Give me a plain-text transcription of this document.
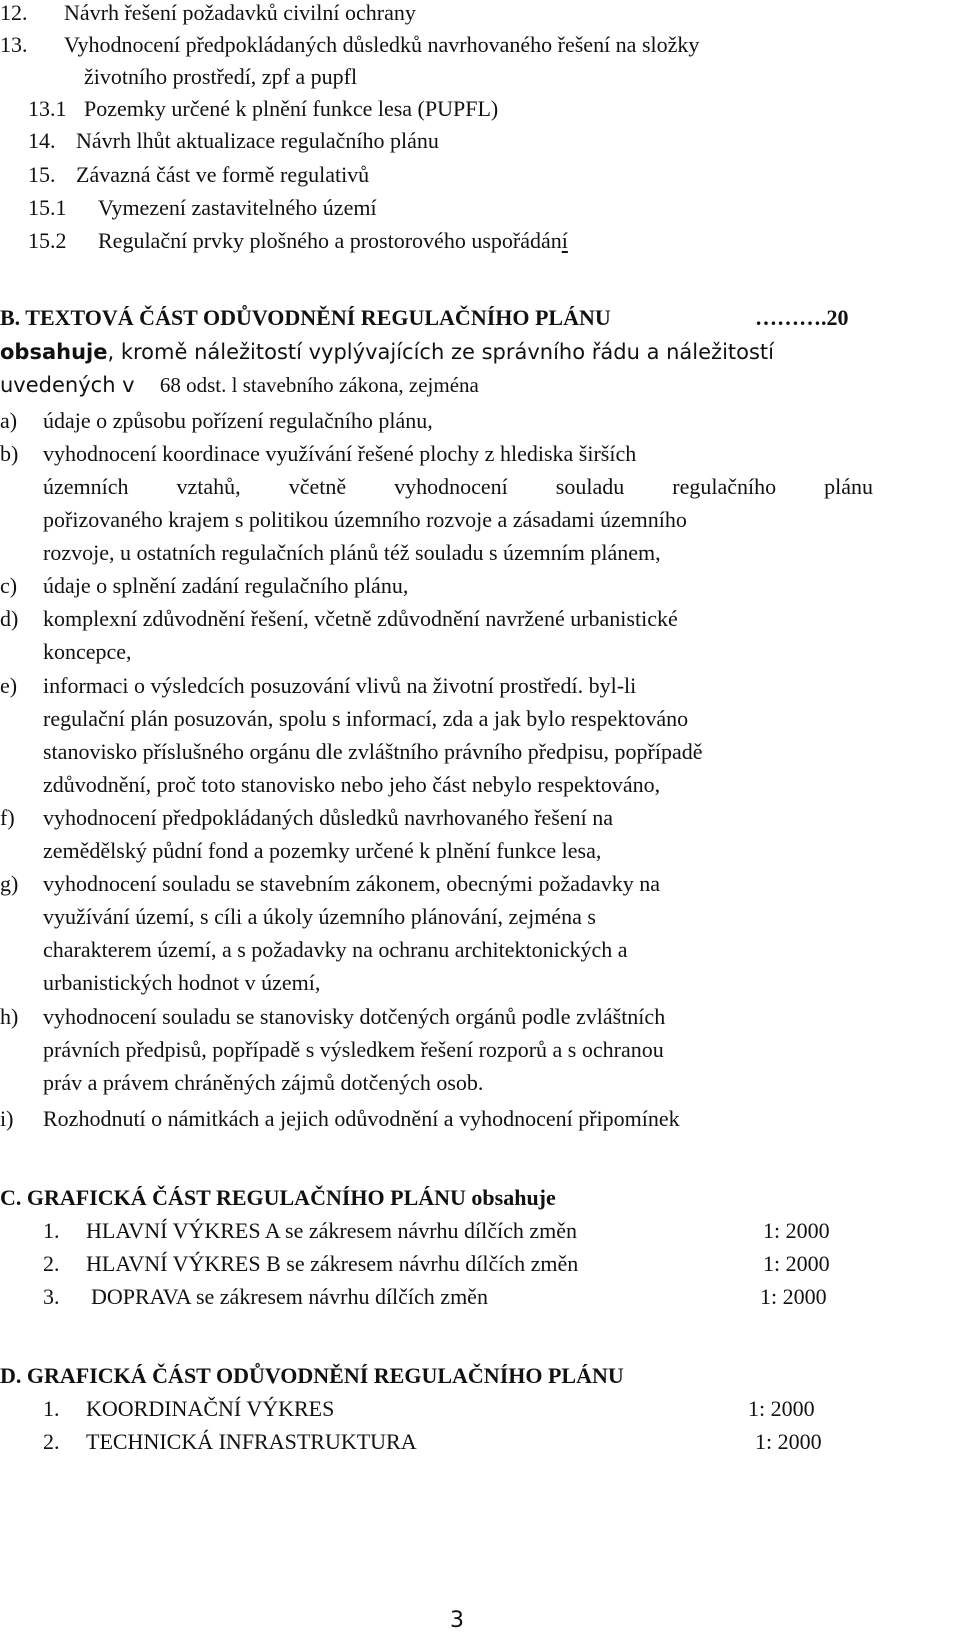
12. Návrh řešení požadavků civilní ochrany
13. Vyhodnocení předpokládaných důsledků navrhovaného řešení na složky
životního prostředí, zpf a pupfl
13.1 Pozemky určené k plnění funkce lesa (PUPFL)
14. Návrh lhůt aktualizace regulačního plánu
15. Závazná část ve formě regulativů
15.1 Vymezení zastavitelného území
15.2 Regulační prvky plošného a prostorového uspořádání
B. TEXTOVÁ ČÁST ODŮVODNĚNÍ REGULAČNÍHO PLÁNU	……….20
obsahuje, kromě náležitostí vyplývajících ze správního řádu a náležitostí
uvedených v 68 odst. l stavebního zákona, zejména
a) údaje o způsobu pořízení regulačního plánu,
b) vyhodnocení koordinace využívání řešené plochy z hlediska širších
územních vztahů, včetně vyhodnocení souladu regulačního plánu
pořizovaného krajem s politikou územního rozvoje a zásadami územního
rozvoje, u ostatních regulačních plánů též souladu s územním plánem,
c) údaje o splnění zadání regulačního plánu,
d) komplexní zdůvodnění řešení, včetně zdůvodnění navržené urbanistické
koncepce,
e) informaci o výsledcích posuzování vlivů na životní prostředí. byl-li
regulační plán posuzován, spolu s informací, zda a jak bylo respektováno
stanovisko příslušného orgánu dle zvláštního právního předpisu, popřípadě
zdůvodnění, proč toto stanovisko nebo jeho část nebylo respektováno,
f) vyhodnocení předpokládaných důsledků navrhovaného řešení na
zemědělský půdní fond a pozemky určené k plnění funkce lesa,
g) vyhodnocení souladu se stavebním zákonem, obecnými požadavky na
využívání území, s cíli a úkoly územního plánování, zejména s
charakterem území, a s požadavky na ochranu architektonických a
urbanistických hodnot v území,
h) vyhodnocení souladu se stanovisky dotčených orgánů podle zvláštních
právních předpisů, popřípadě s výsledkem řešení rozporů a s ochranou
práv a právem chráněných zájmů dotčených osob.
i) Rozhodnutí o námitkách a jejich odůvodnění a vyhodnocení připomínek
C. GRAFICKÁ ČÁST REGULAČNÍHO PLÁNU obsahuje
1. HLAVNÍ VÝKRES A se zákresem návrhu dílčích změn	1: 2000
2. HLAVNÍ VÝKRES B se zákresem návrhu dílčích změn	1: 2000
3. DOPRAVA se zákresem návrhu dílčích změn	1: 2000
D. GRAFICKÁ ČÁST ODŮVODNĚNÍ REGULAČNÍHO PLÁNU
1. KOORDINAČNÍ VÝKRES	1: 2000
2. TECHNICKÁ INFRASTRUKTURA	1: 2000
3
